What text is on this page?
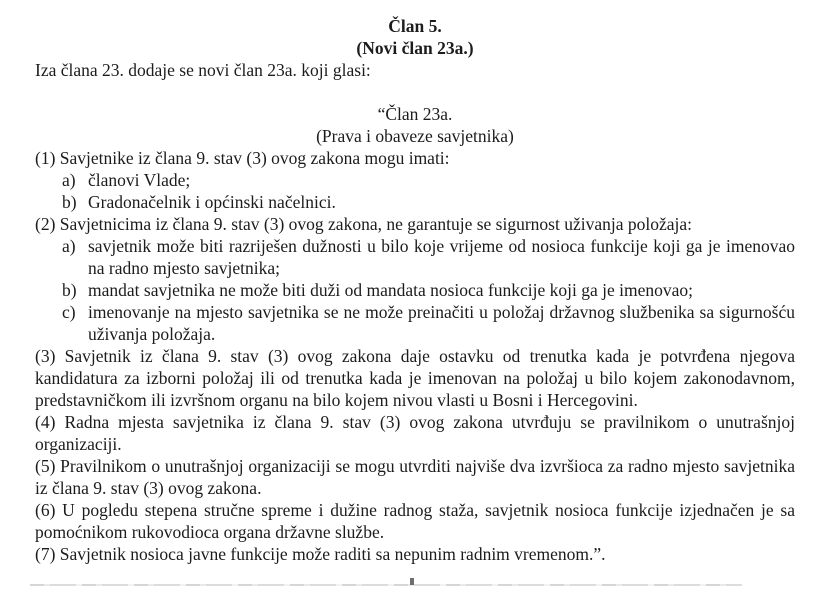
Član 5.
(Novi član 23a.)
Iza člana 23. dodaje se novi član 23a. koji glasi:
“Član 23a.
(Prava i obaveze savjetnika)
(1) Savjetnike iz člana 9. stav (3) ovog zakona mogu imati:
a) članovi Vlade;
b) Gradonačelnik i općinski načelnici.
(2) Savjetnicima iz člana 9. stav (3) ovog zakona, ne garantuje se sigurnost uživanja položaja:
a) savjetnik može biti razriješen dužnosti u bilo koje vrijeme od nosioca funkcije koji ga je imenovao na radno mjesto savjetnika;
b) mandat savjetnika ne može biti duži od mandata nosioca funkcije koji ga je imenovao;
c) imenovanje na mjesto savjetnika se ne može preinačiti u položaj državnog službenika sa sigurnošću uživanja položaja.
(3) Savjetnik iz člana 9. stav (3) ovog zakona daje ostavku od trenutka kada je potvrđena njegova kandidatura za izborni položaj ili od trenutka kada je imenovan na položaj u bilo kojem zakonodavnom, predstavničkom ili izvršnom organu na bilo kojem nivou vlasti u Bosni i Hercegovini.
(4) Radna mjesta savjetnika iz člana 9. stav (3) ovog zakona utvrđuju se pravilnikom o unutrašnjoj organizaciji.
(5) Pravilnikom o unutrašnjoj organizaciji se mogu utvrditi najviše dva izvršioca za radno mjesto savjetnika iz člana 9. stav (3) ovog zakona.
(6) U pogledu stepena stručne spreme i dužine radnog staža, savjetnik nosioca funkcije izjednačen je sa pomoćnikom rukovodioca organa državne službe.
(7) Savjetnik nosioca javne funkcije može raditi sa nepunim radnim vremenom.”.
